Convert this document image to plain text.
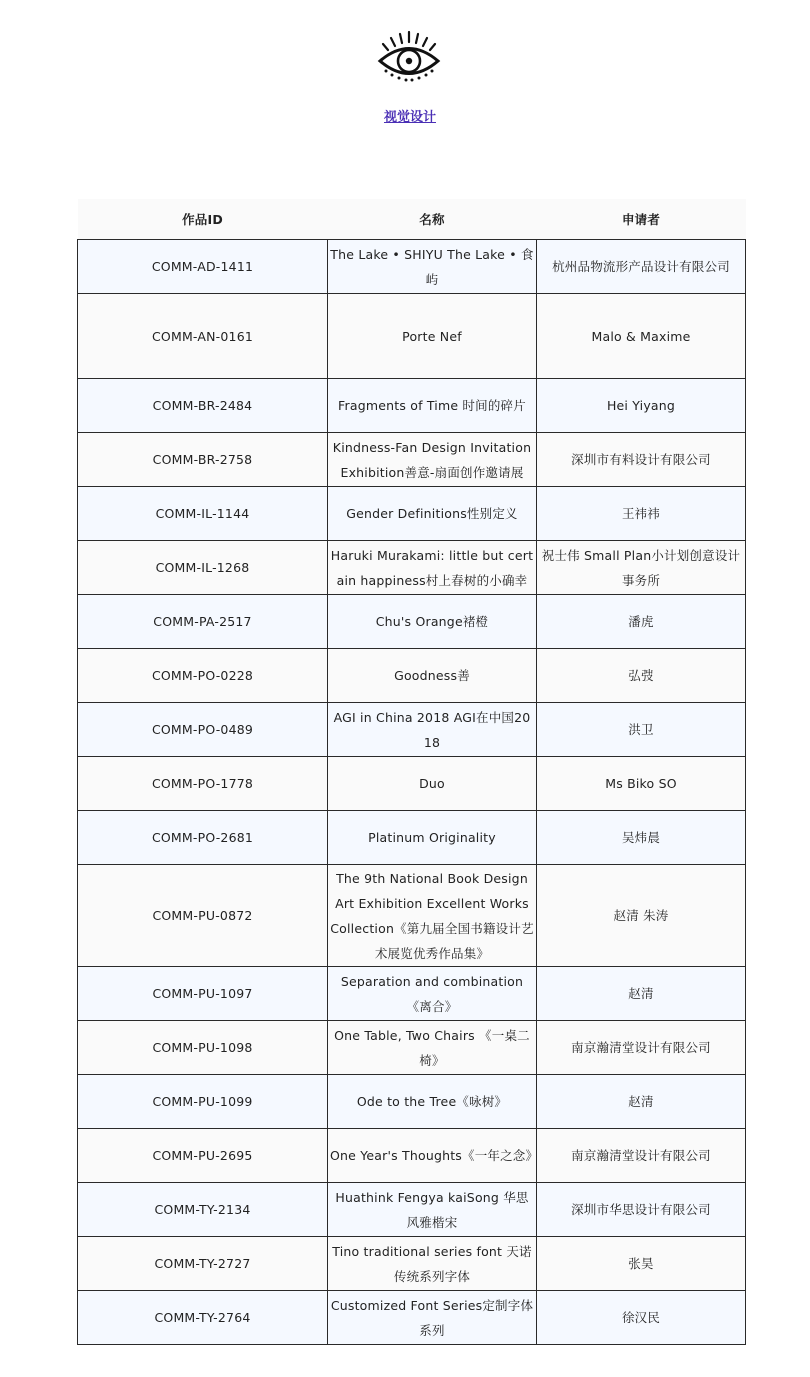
视觉设计
作品ID	名称	申请者
COMM-AD-1411	The Lake • SHIYU The Lake • 食屿	杭州品物流形产品设计有限公司
COMM-AN-0161	Porte Nef	Malo & Maxime
COMM-BR-2484	Fragments of Time 时间的碎片	Hei Yiyang
COMM-BR-2758	Kindness-Fan Design Invitation Exhibition善意-扇面创作邀请展	深圳市有料设计有限公司
COMM-IL-1144	Gender Definitions性别定义	王祎祎
COMM-IL-1268	Haruki Murakami: little but certain happiness村上春树的小确幸	祝士伟 Small Plan小计划创意设计事务所
COMM-PA-2517	Chu's Orange褚橙	潘虎
COMM-PO-0228	Goodness善	弘弢
COMM-PO-0489	AGI in China 2018 AGI在中国2018	洪卫
COMM-PO-1778	Duo	Ms Biko SO
COMM-PO-2681	Platinum Originality	吴炜晨
COMM-PU-0872	The 9th National Book Design Art Exhibition Excellent Works Collection《第九届全国书籍设计艺术展览优秀作品集》	赵清 朱涛
COMM-PU-1097	Separation and combination《离合》	赵清
COMM-PU-1098	One Table, Two Chairs 《一桌二椅》	南京瀚清堂设计有限公司
COMM-PU-1099	Ode to the Tree《咏树》	赵清
COMM-PU-2695	One Year's Thoughts《一年之念》	南京瀚清堂设计有限公司
COMM-TY-2134	Huathink Fengya kaiSong 华思风雅楷宋	深圳市华思设计有限公司
COMM-TY-2727	Tino traditional series font 天诺传统系列字体	张昊
COMM-TY-2764	Customized Font Series定制字体系列	徐汉民
